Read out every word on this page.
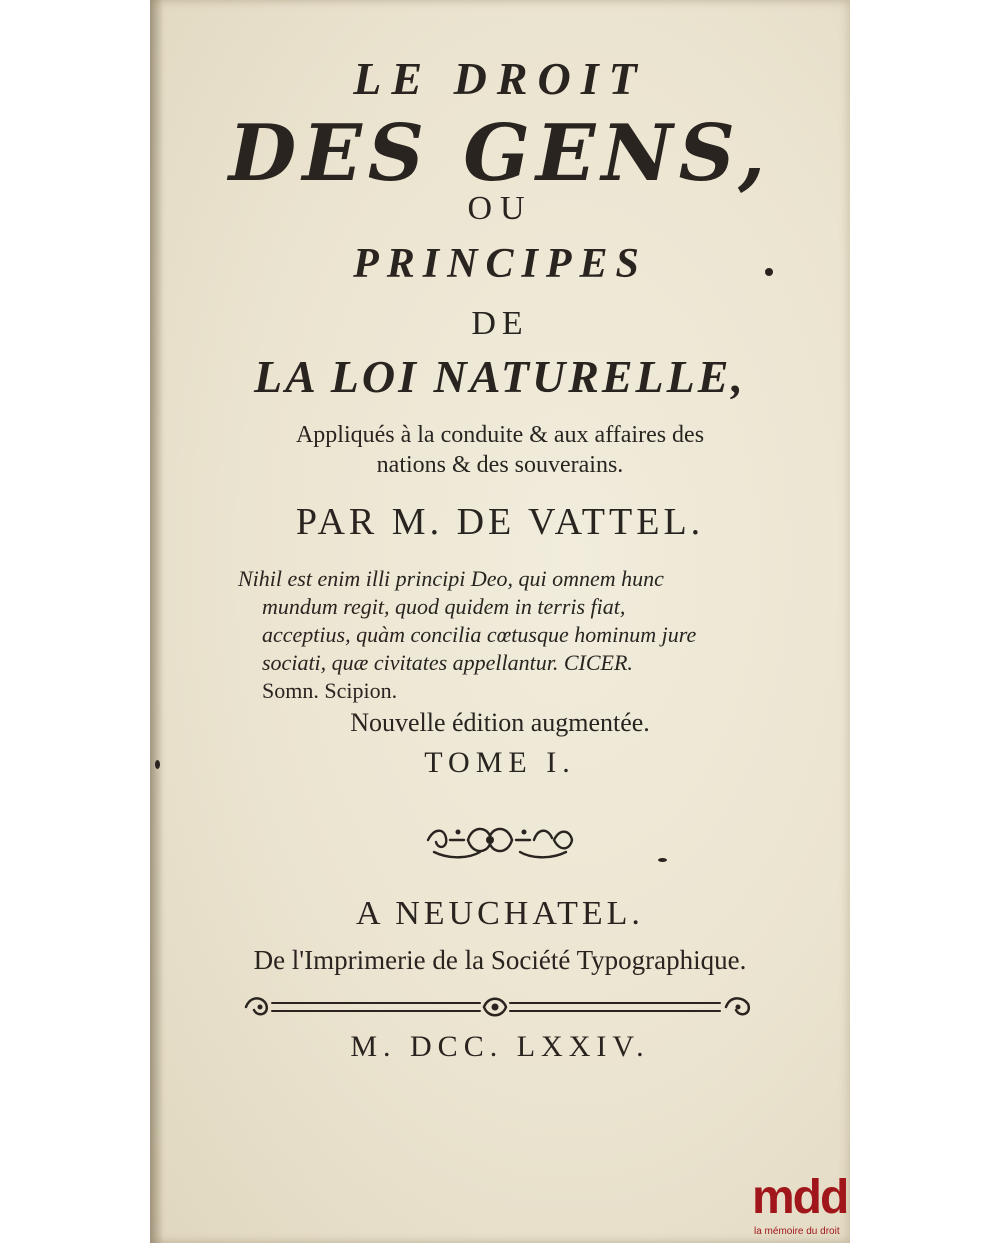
LE DROIT
DES GENS,
OU
PRINCIPES
DE
LA LOI NATURELLE,
Appliqués à la conduite & aux affaires des
nations & des souverains.
PAR M. DE VATTEL.
Nihil est enim illi principi Deo, qui omnem hunc
mundum regit, quod quidem in terris fiat,
acceptius, quàm concilia cœtusque hominum jure
sociati, quæ civitates appellantur. CICER.
Somn. Scipion.
Nouvelle édition augmentée.
TOME I.
A NEUCHATEL.
De l'Imprimerie de la Société Typographique.
M. DCC. LXXIV.
mdd
la mémoire du droit
